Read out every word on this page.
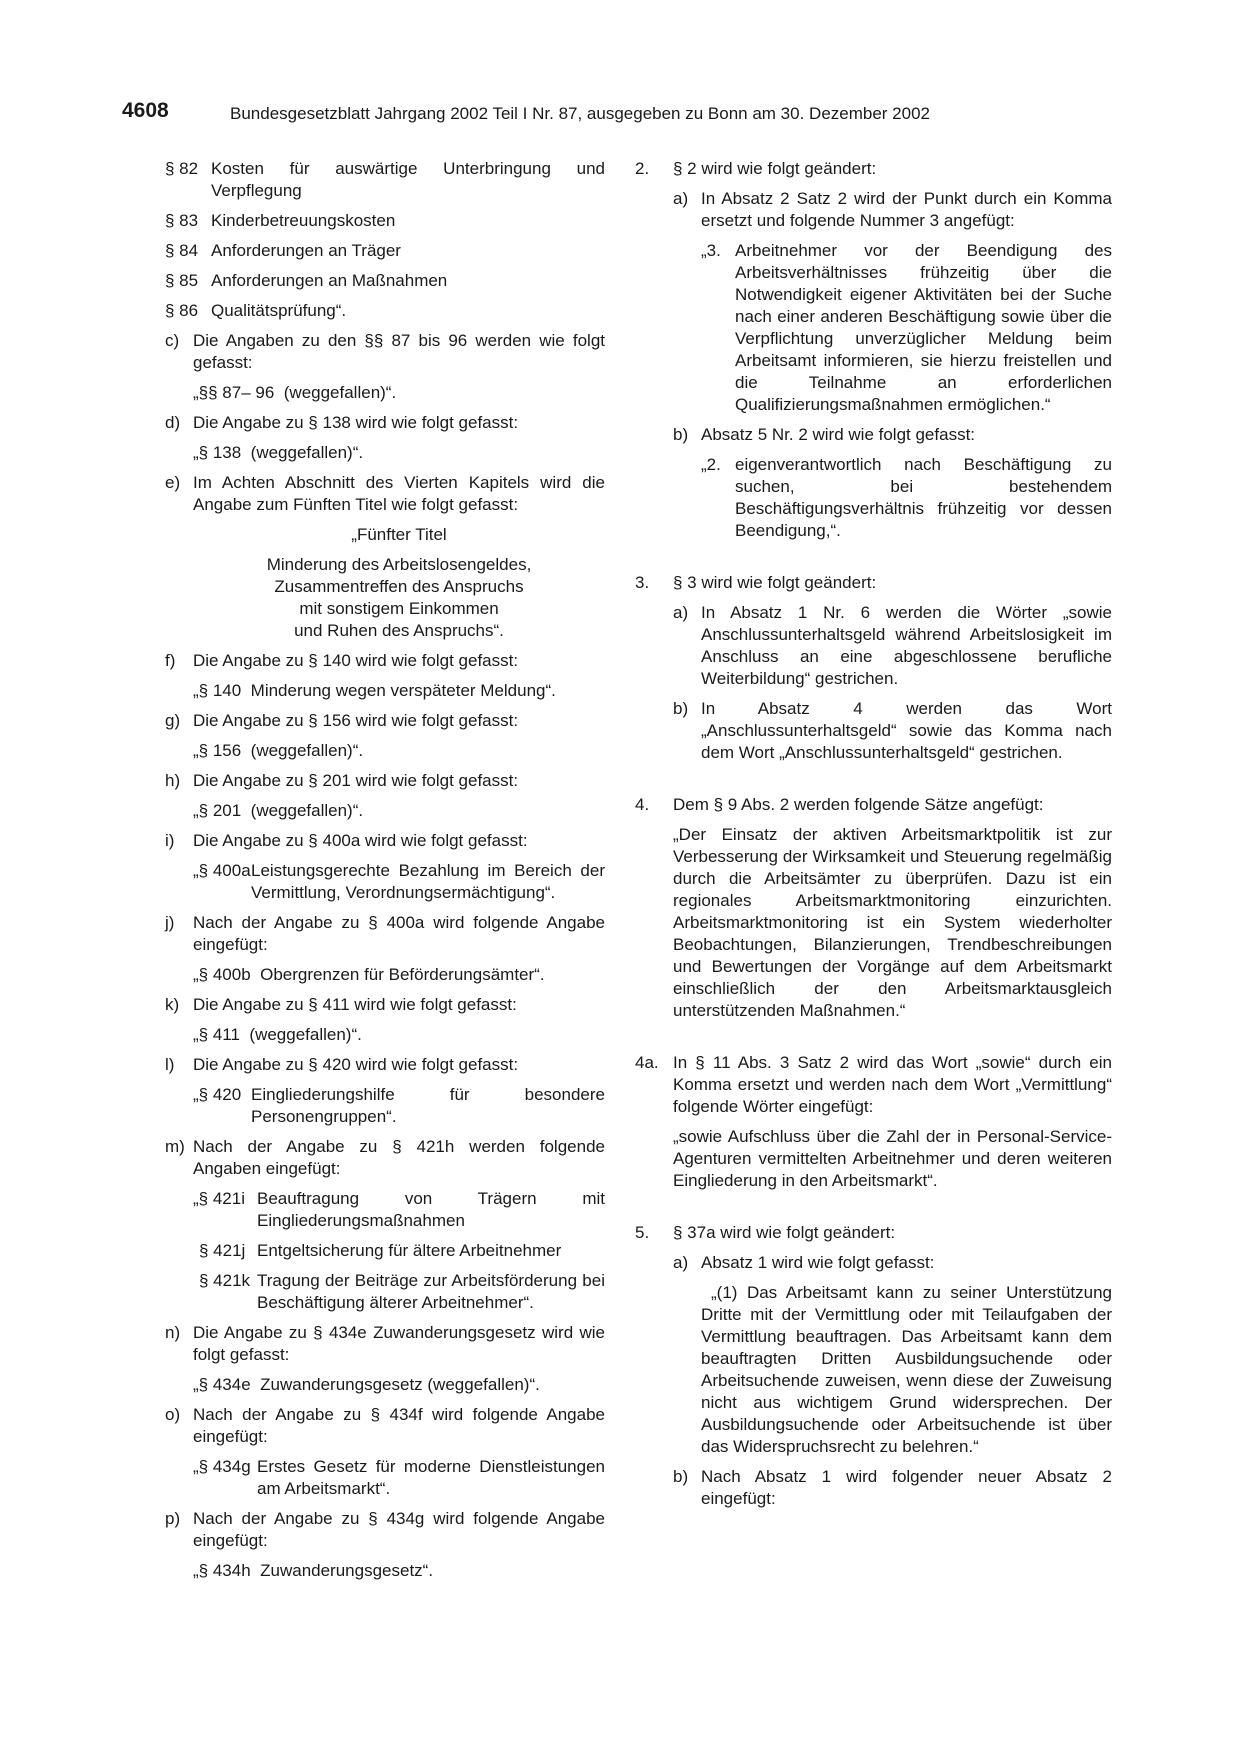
4608	Bundesgesetzblatt Jahrgang 2002 Teil I Nr. 87, ausgegeben zu Bonn am 30. Dezember 2002
§ 82 Kosten für auswärtige Unterbringung und Verpflegung
§ 83 Kinderbetreuungskosten
§ 84 Anforderungen an Träger
§ 85 Anforderungen an Maßnahmen
§ 86 Qualitätsprüfung“.
c) Die Angaben zu den §§ 87 bis 96 werden wie folgt gefasst:
„§§ 87– 96 (weggefallen)“.
d) Die Angabe zu § 138 wird wie folgt gefasst:
„§ 138 (weggefallen)“.
e) Im Achten Abschnitt des Vierten Kapitels wird die Angabe zum Fünften Titel wie folgt gefasst:
„Fünfter Titel
Minderung des Arbeitslosengeldes,
Zusammentreffen des Anspruchs
mit sonstigem Einkommen
und Ruhen des Anspruchs“.
f) Die Angabe zu § 140 wird wie folgt gefasst:
„§ 140 Minderung wegen verspäteter Meldung“.
g) Die Angabe zu § 156 wird wie folgt gefasst:
„§ 156 (weggefallen)“.
h) Die Angabe zu § 201 wird wie folgt gefasst:
„§ 201 (weggefallen)“.
i) Die Angabe zu § 400a wird wie folgt gefasst:
„§ 400a Leistungsgerechte Bezahlung im Bereich der Vermittlung, Verordnungsermächtigung“.
j) Nach der Angabe zu § 400a wird folgende Angabe eingefügt:
„§ 400b Obergrenzen für Beförderungsämter“.
k) Die Angabe zu § 411 wird wie folgt gefasst:
„§ 411 (weggefallen)“.
l) Die Angabe zu § 420 wird wie folgt gefasst:
„§ 420 Eingliederungshilfe für besondere Personengruppen“.
m) Nach der Angabe zu § 421h werden folgende Angaben eingefügt:
„§ 421i Beauftragung von Trägern mit Eingliederungsmaßnahmen
§ 421j Entgeltsicherung für ältere Arbeitnehmer
§ 421k Tragung der Beiträge zur Arbeitsförderung bei Beschäftigung älterer Arbeitnehmer“.
n) Die Angabe zu § 434e Zuwanderungsgesetz wird wie folgt gefasst:
„§ 434e Zuwanderungsgesetz (weggefallen)“.
o) Nach der Angabe zu § 434f wird folgende Angabe eingefügt:
„§ 434g Erstes Gesetz für moderne Dienstleistungen am Arbeitsmarkt“.
p) Nach der Angabe zu § 434g wird folgende Angabe eingefügt:
„§ 434h Zuwanderungsgesetz“.
2. § 2 wird wie folgt geändert:
a) In Absatz 2 Satz 2 wird der Punkt durch ein Komma ersetzt und folgende Nummer 3 angefügt:
„3. Arbeitnehmer vor der Beendigung des Arbeitsverhältnisses frühzeitig über die Notwendigkeit eigener Aktivitäten bei der Suche nach einer anderen Beschäftigung sowie über die Verpflichtung unverzüglicher Meldung beim Arbeitsamt informieren, sie hierzu freistellen und die Teilnahme an erforderlichen Qualifizierungsmaßnahmen ermöglichen.“
b) Absatz 5 Nr. 2 wird wie folgt gefasst:
„2. eigenverantwortlich nach Beschäftigung zu suchen, bei bestehendem Beschäftigungsverhältnis frühzeitig vor dessen Beendigung,“.
3. § 3 wird wie folgt geändert:
a) In Absatz 1 Nr. 6 werden die Wörter „sowie Anschlussunterhaltsgeld während Arbeitslosigkeit im Anschluss an eine abgeschlossene berufliche Weiterbildung“ gestrichen.
b) In Absatz 4 werden das Wort „Anschlussunterhaltsgeld“ sowie das Komma nach dem Wort „Anschlussunterhaltsgeld“ gestrichen.
4. Dem § 9 Abs. 2 werden folgende Sätze angefügt:
„Der Einsatz der aktiven Arbeitsmarktpolitik ist zur Verbesserung der Wirksamkeit und Steuerung regelmäßig durch die Arbeitsämter zu überprüfen. Dazu ist ein regionales Arbeitsmarktmonitoring einzurichten. Arbeitsmarktmonitoring ist ein System wiederholter Beobachtungen, Bilanzierungen, Trendbeschreibungen und Bewertungen der Vorgänge auf dem Arbeitsmarkt einschließlich der den Arbeitsmarktausgleich unterstützenden Maßnahmen.“
4a. In § 11 Abs. 3 Satz 2 wird das Wort „sowie“ durch ein Komma ersetzt und werden nach dem Wort „Vermittlung“ folgende Wörter eingefügt:
„sowie Aufschluss über die Zahl der in Personal-Service-Agenturen vermittelten Arbeitnehmer und deren weiteren Eingliederung in den Arbeitsmarkt“.
5. § 37a wird wie folgt geändert:
a) Absatz 1 wird wie folgt gefasst:
„(1) Das Arbeitsamt kann zu seiner Unterstützung Dritte mit der Vermittlung oder mit Teilaufgaben der Vermittlung beauftragen. Das Arbeitsamt kann dem beauftragten Dritten Ausbildungsuchende oder Arbeitsuchende zuweisen, wenn diese der Zuweisung nicht aus wichtigem Grund widersprechen. Der Ausbildungsuchende oder Arbeitsuchende ist über das Widerspruchsrecht zu belehren.“
b) Nach Absatz 1 wird folgender neuer Absatz 2 eingefügt:
